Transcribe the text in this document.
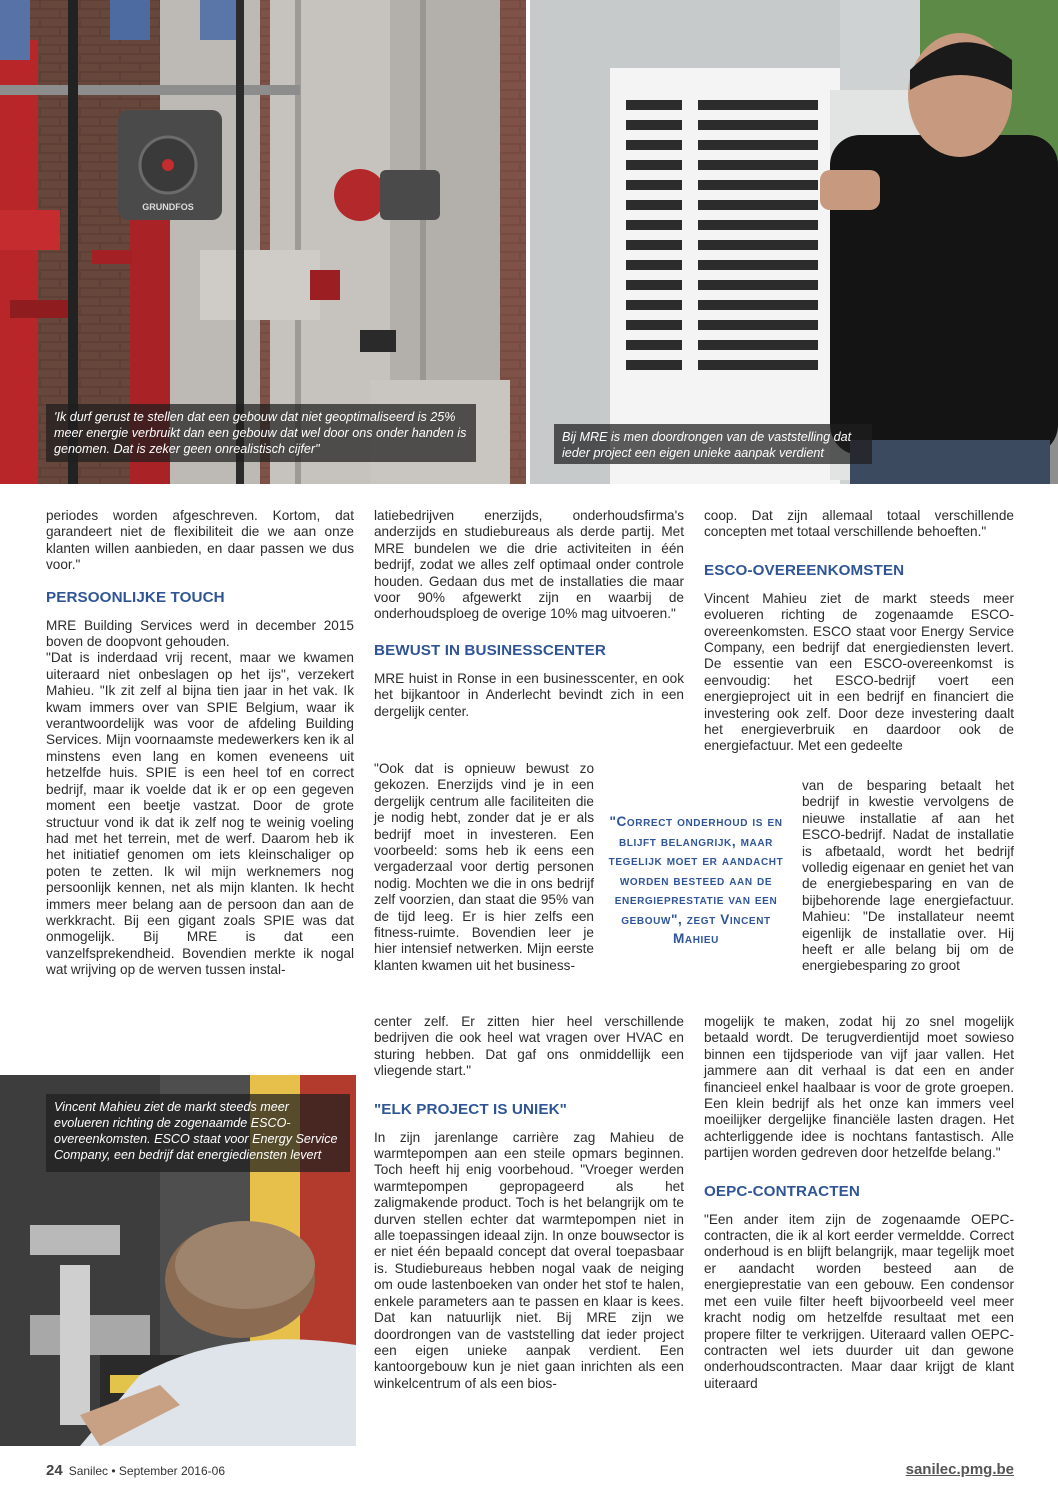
GRUNDFOS
'Ik durf gerust te stellen dat een gebouw dat niet geoptimaliseerd is 25% meer energie verbruikt dan een gebouw dat wel door ons onder handen is genomen. Dat is zeker geen onrealistisch cijfer"
Bij MRE is men doordrongen van de vaststelling dat ieder project een eigen unieke aanpak verdient

periodes worden afgeschreven. Kortom, dat garandeert niet de flexibiliteit die we aan onze klanten willen aanbieden, en daar passen we dus voor."

PERSOONLIJKE TOUCH

MRE Building Services werd in december 2015 boven de doopvont gehouden.

"Dat is inderdaad vrij recent, maar we kwamen uiteraard niet onbeslagen op het ijs", verzekert Mahieu. "Ik zit zelf al bijna tien jaar in het vak. Ik kwam immers over van SPIE Belgium, waar ik verantwoordelijk was voor de afdeling Building Services. Mijn voornaamste medewerkers ken ik al minstens even lang en komen eveneens uit hetzelfde huis. SPIE is een heel tof en correct bedrijf, maar ik voelde dat ik er op een gegeven moment een beetje vastzat. Door de grote structuur vond ik dat ik zelf nog te weinig voeling had met het terrein, met de werf. Daarom heb ik het initiatief genomen om iets kleinschaliger op poten te zetten. Ik wil mijn werknemers nog persoonlijk kennen, net als mijn klanten. Ik hecht immers meer belang aan de persoon dan aan de werkkracht. Bij een gigant zoals SPIE was dat onmogelijk. Bij MRE is dat een vanzelfsprekendheid. Bovendien merkte ik nogal wat wrijving op de werven tussen instal-

Vincent Mahieu ziet de markt steeds meer evolueren richting de zogenaamde ESCO-overeenkomsten. ESCO staat voor Energy Service Company, een bedrijf dat energiediensten levert

latiebedrijven enerzijds, onderhoudsfirma's anderzijds en studiebureaus als derde partij. Met MRE bundelen we die drie activiteiten in één bedrijf, zodat we alles zelf optimaal onder controle houden. Gedaan dus met de installaties die maar voor 90% afgewerkt zijn en waarbij de onderhoudsploeg de overige 10% mag uitvoeren."

BEWUST IN BUSINESSCENTER

MRE huist in Ronse in een businesscenter, en ook het bijkantoor in Anderlecht bevindt zich in een dergelijk center.

"Ook dat is opnieuw bewust zo gekozen. Enerzijds vind je in een dergelijk centrum alle faciliteiten die je nodig hebt, zonder dat je er als bedrijf moet in investeren. Een voorbeeld: soms heb ik eens een vergaderzaal voor dertig personen nodig. Mochten we die in ons bedrijf zelf voorzien, dan staat die 95% van de tijd leeg. Er is hier zelfs een fitness-ruimte. Bovendien leer je hier intensief netwerken. Mijn eerste klanten kwamen uit het business-

center zelf. Er zitten hier heel verschillende bedrijven die ook heel wat vragen over HVAC en sturing hebben. Dat gaf ons onmiddellijk een vliegende start."

"ELK PROJECT IS UNIEK"

In zijn jarenlange carrière zag Mahieu de warmtepompen aan een steile opmars beginnen. Toch heeft hij enig voorbehoud. "Vroeger werden warmtepompen gepropageerd als het zaligmakende product. Toch is het belangrijk om te durven stellen echter dat warmtepompen niet in alle toepassingen ideaal zijn. In onze bouwsector is er niet één bepaald concept dat overal toepasbaar is. Studiebureaus hebben nogal vaak de neiging om oude lastenboeken van onder het stof te halen, enkele parameters aan te passen en klaar is kees. Dat kan natuurlijk niet. Bij MRE zijn we doordrongen van de vaststelling dat ieder project een eigen unieke aanpak verdient. Een kantoorgebouw kun je niet gaan inrichten als een winkelcentrum of als een bios-

"Correct onderhoud is en blijft belangrijk, maar tegelijk moet er aandacht worden besteed aan de energieprestatie van een gebouw", zegt Vincent Mahieu

coop. Dat zijn allemaal totaal verschillende concepten met totaal verschillende behoeften."

ESCO-OVEREENKOMSTEN

Vincent Mahieu ziet de markt steeds meer evolueren richting de zogenaamde ESCO-overeenkomsten. ESCO staat voor Energy Service Company, een bedrijf dat energiediensten levert. De essentie van een ESCO-overeenkomst is eenvoudig: het ESCO-bedrijf voert een energieproject uit in een bedrijf en financiert die investering ook zelf. Door deze investering daalt het energieverbruik en daardoor ook de energiefactuur. Met een gedeelte

van de besparing betaalt het bedrijf in kwestie vervolgens de nieuwe installatie af aan het ESCO-bedrijf. Nadat de installatie is afbetaald, wordt het bedrijf volledig eigenaar en geniet het van de energiebesparing en van de bijbehorende lage energiefactuur. Mahieu: "De installateur neemt eigenlijk de installatie over. Hij heeft er alle belang bij om de energiebesparing zo groot

mogelijk te maken, zodat hij zo snel mogelijk betaald wordt. De terugverdientijd moet sowieso binnen een tijdsperiode van vijf jaar vallen. Het jammere aan dit verhaal is dat een en ander financieel enkel haalbaar is voor de grote groepen. Een klein bedrijf als het onze kan immers veel moeilijker dergelijke financiële lasten dragen. Het achterliggende idee is nochtans fantastisch. Alle partijen worden gedreven door hetzelfde belang."

OEPC-CONTRACTEN

"Een ander item zijn de zogenaamde OEPC-contracten, die ik al kort eerder vermeldde. Correct onderhoud is en blijft belangrijk, maar tegelijk moet er aandacht worden besteed aan de energieprestatie van een gebouw. Een condensor met een vuile filter heeft bijvoorbeeld veel meer kracht nodig om hetzelfde resultaat met een propere filter te verkrijgen. Uiteraard vallen OEPC-contracten wel iets duurder uit dan gewone onderhoudscontracten. Maar daar krijgt de klant uiteraard

24 Sanilec • September 2016-06	sanilec.pmg.be
